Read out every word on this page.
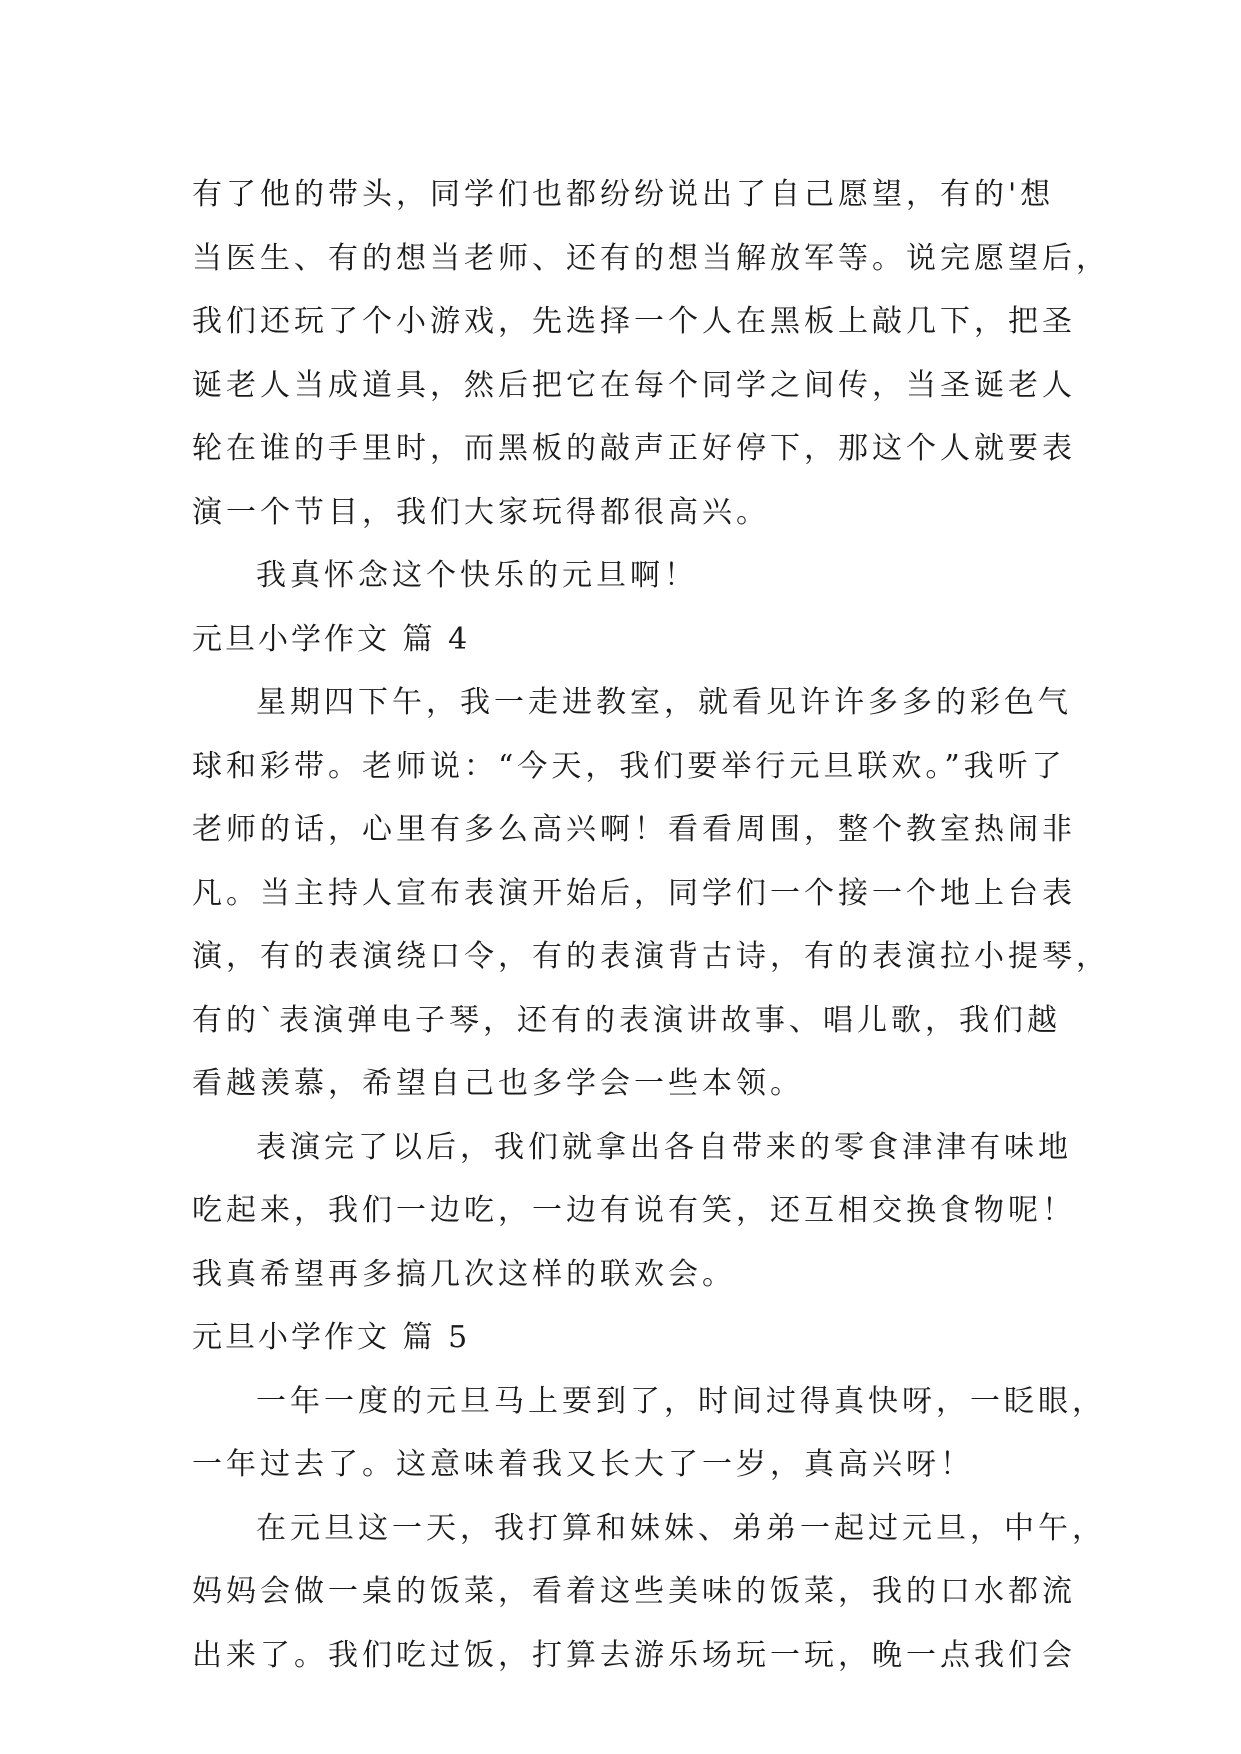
有了他的带头，同学们也都纷纷说出了自己愿望，有的'想
当医生、有的想当老师、还有的想当解放军等。说完愿望后，
我们还玩了个小游戏，先选择一个人在黑板上敲几下，把圣
诞老人当成道具，然后把它在每个同学之间传，当圣诞老人
轮在谁的手里时，而黑板的敲声正好停下，那这个人就要表
演一个节目，我们大家玩得都很高兴。
我真怀念这个快乐的元旦啊！
元旦小学作文 篇 4
星期四下午，我一走进教室，就看见许许多多的彩色气
球和彩带。老师说：“今天，我们要举行元旦联欢。”我听了
老师的话，心里有多么高兴啊！看看周围，整个教室热闹非
凡。当主持人宣布表演开始后，同学们一个接一个地上台表
演，有的表演绕口令，有的表演背古诗，有的表演拉小提琴，
有的`表演弹电子琴，还有的表演讲故事、唱儿歌，我们越
看越羡慕，希望自己也多学会一些本领。
表演完了以后，我们就拿出各自带来的零食津津有味地
吃起来，我们一边吃，一边有说有笑，还互相交换食物呢！
我真希望再多搞几次这样的联欢会。
元旦小学作文 篇 5
一年一度的元旦马上要到了，时间过得真快呀，一眨眼，
一年过去了。这意味着我又长大了一岁，真高兴呀！
在元旦这一天，我打算和妹妹、弟弟一起过元旦，中午，
妈妈会做一桌的饭菜，看着这些美味的饭菜，我的口水都流
出来了。我们吃过饭，打算去游乐场玩一玩，晚一点我们会
